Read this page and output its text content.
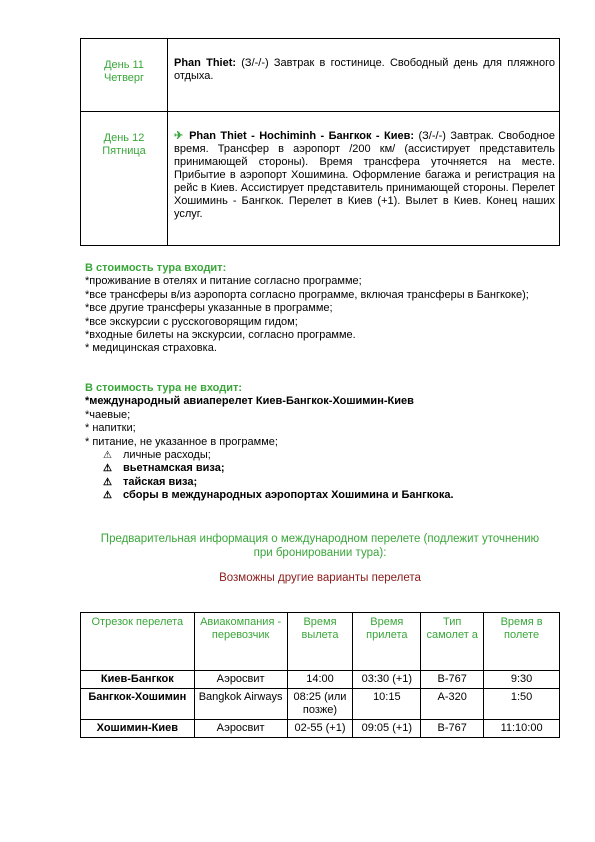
День 11
Четверг	Phan Thiet: (З/-/-) Завтрак в гостинице. Свободный день для пляжного отдыха.

День 12
Пятница	✈ Phan Thiet - Hochiminh - Бангкок - Киев: (З/-/-) Завтрак. Свободное время. Трансфер в аэропорт /200 км/ (ассистирует представитель принимающей стороны). Время трансфера уточняется на месте. Прибытие в аэропорт Хошимина. Оформление багажа и регистрация на рейс в Киев. Ассистирует представитель принимающей стороны. Перелет Хошиминь - Бангкок. Перелет в Киев (+1). Вылет в Киев. Конец наших услуг.
В стоимость тура входит:
*проживание в отелях и питание согласно программе;
*все трансферы в/из аэропорта согласно программе, включая трансферы в Бангкоке);
*все другие трансферы указанные в программе;
*все экскурсии с русскоговорящим гидом;
*входные билеты на экскурсии, согласно программе.
* медицинская страховка.
В стоимость тура не входит:
*международный авиаперелет Киев-Бангкок-Хошимин-Киев
*чаевые;
* напитки;
* питание, не указанное в программе;
⚠ личные расходы;
⚠ вьетнамская виза;
⚠ тайская виза;
⚠ сборы в международных аэропортах Хошимина и Бангкока.
Предварительная информация о международном перелете (подлежит уточнению
при бронировании тура):
Возможны другие варианты перелета
Отрезок перелета	Авиакомпания - перевозчик	Время вылета	Время прилета	Тип самолет а	Время в полете
Киев-Бангкок	Аэросвит	14:00	03:30 (+1)	В-767	9:30
Бангкок-Хошимин	Bangkok Airways	08:25 (или позже)	10:15	А-320	1:50
Хошимин-Киев	Аэросвит	02-55 (+1)	09:05 (+1)	В-767	11:10:00
